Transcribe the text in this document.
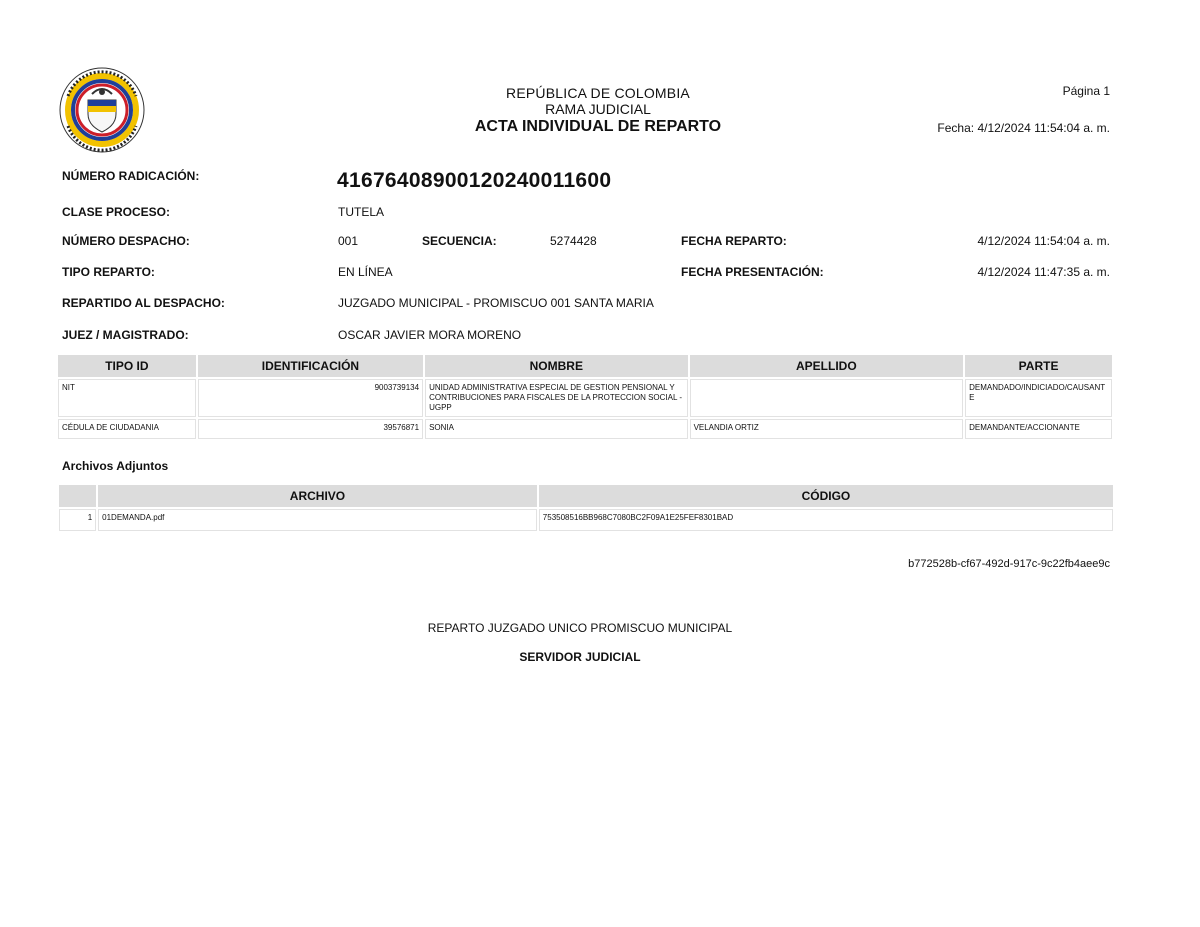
REPÚBLICA DE COLOMBIA
RAMA JUDICIAL
ACTA INDIVIDUAL DE REPARTO
Página 1
Fecha: 4/12/2024 11:54:04 a. m.
NÚMERO RADICACIÓN:	41676408900120240011600
CLASE PROCESO:	TUTELA
NÚMERO DESPACHO:	001	SECUENCIA:	5274428	FECHA REPARTO:	4/12/2024 11:54:04 a. m.
TIPO REPARTO:	EN LÍNEA	FECHA PRESENTACIÓN:	4/12/2024 11:47:35 a. m.
REPARTIDO AL DESPACHO:	JUZGADO MUNICIPAL - PROMISCUO 001 SANTA MARIA
JUEZ / MAGISTRADO:	OSCAR JAVIER MORA MORENO
TIPO ID	IDENTIFICACIÓN	NOMBRE	APELLIDO	PARTE
NIT	9003739134	UNIDAD ADMINISTRATIVA ESPECIAL DE GESTION PENSIONAL Y CONTRIBUCIONES PARA FISCALES DE LA PROTECCION SOCIAL - UGPP		DEMANDADO/INDICIADO/CAUSANTE
CÉDULA DE CIUDADANIA	39576871	SONIA	VELANDIA ORTIZ	DEMANDANTE/ACCIONANTE
Archivos Adjuntos
	ARCHIVO	CÓDIGO
1	01DEMANDA.pdf	753508516BB968C7080BC2F09A1E25FEF8301BAD
b772528b-cf67-492d-917c-9c22fb4aee9c
REPARTO JUZGADO UNICO PROMISCUO MUNICIPAL
SERVIDOR JUDICIAL
